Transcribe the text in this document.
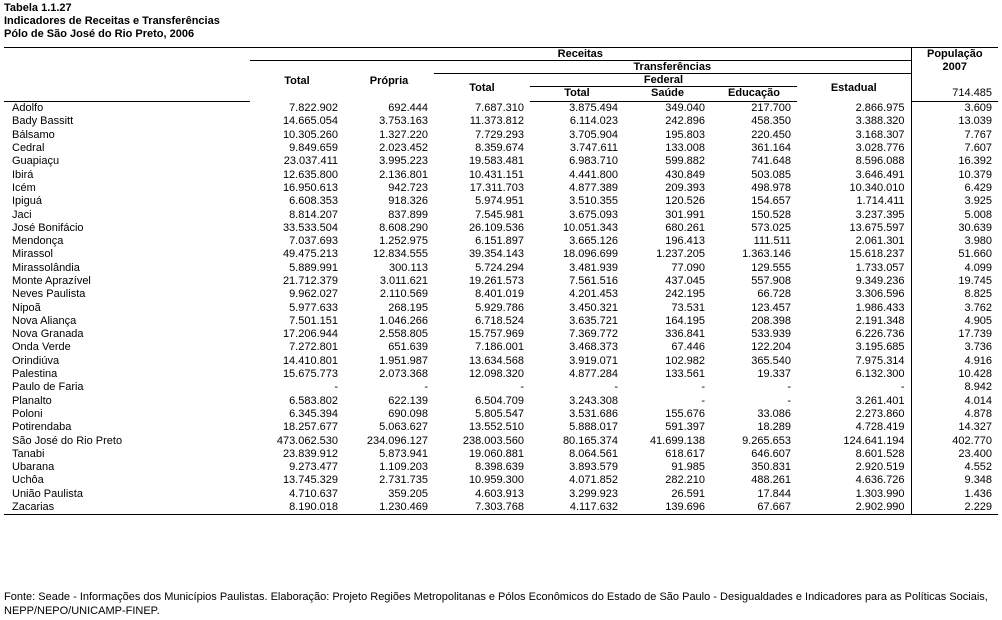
Tabela 1.1.27
Indicadores de Receitas e Transferências
Pólo de São José do Rio Preto, 2006
	Receitas							População
	Total	Própria	Transferências					2007
			Total	Federal			Estadual	
				Total	Saúde	Educação		714.485

Adolfo	7.822.902	692.444	7.687.310	3.875.494	349.040	217.700	2.866.975	3.609
Bady Bassitt	14.665.054	3.753.163	11.373.812	6.114.023	242.896	458.350	3.388.320	13.039
Bálsamo	10.305.260	1.327.220	7.729.293	3.705.904	195.803	220.450	3.168.307	7.767
Cedral	9.849.659	2.023.452	8.359.674	3.747.611	133.008	361.164	3.028.776	7.607
Guapiaçu	23.037.411	3.995.223	19.583.481	6.983.710	599.882	741.648	8.596.088	16.392
Ibirá	12.635.800	2.136.801	10.431.151	4.441.800	430.849	503.085	3.646.491	10.379
Icém	16.950.613	942.723	17.311.703	4.877.389	209.393	498.978	10.340.010	6.429
Ipiguá	6.608.353	918.326	5.974.951	3.510.355	120.526	154.657	1.714.411	3.925
Jaci	8.814.207	837.899	7.545.981	3.675.093	301.991	150.528	3.237.395	5.008
José Bonifácio	33.533.504	8.608.290	26.109.536	10.051.343	680.261	573.025	13.675.597	30.639
Mendonça	7.037.693	1.252.975	6.151.897	3.665.126	196.413	111.511	2.061.301	3.980
Mirassol	49.475.213	12.834.555	39.354.143	18.096.699	1.237.205	1.363.146	15.618.237	51.660
Mirassolândia	5.889.991	300.113	5.724.294	3.481.939	77.090	129.555	1.733.057	4.099
Monte Aprazível	21.712.379	3.011.621	19.261.573	7.561.516	437.045	557.908	9.349.236	19.745
Neves Paulista	9.962.027	2.110.569	8.401.019	4.201.453	242.195	66.728	3.306.596	8.825
Nipoã	5.977.633	268.195	5.929.786	3.450.321	73.531	123.457	1.986.433	3.762
Nova Aliança	7.501.151	1.046.266	6.718.524	3.635.721	164.195	208.398	2.191.348	4.905
Nova Granada	17.206.944	2.558.805	15.757.969	7.369.772	336.841	533.939	6.226.736	17.739
Onda Verde	7.272.801	651.639	7.186.001	3.468.373	67.446	122.204	3.195.685	3.736
Orindiúva	14.410.801	1.951.987	13.634.568	3.919.071	102.982	365.540	7.975.314	4.916
Palestina	15.675.773	2.073.368	12.098.320	4.877.284	133.561	19.337	6.132.300	10.428
Paulo de Faria	-	-	-	-	-	-	-	8.942
Planalto	6.583.802	622.139	6.504.709	3.243.308	-	-	3.261.401	4.014
Poloni	6.345.394	690.098	5.805.547	3.531.686	155.676	33.086	2.273.860	4.878
Potirendaba	18.257.677	5.063.627	13.552.510	5.888.017	591.397	18.289	4.728.419	14.327
São José do Rio Preto	473.062.530	234.096.127	238.003.560	80.165.374	41.699.138	9.265.653	124.641.194	402.770
Tanabi	23.839.912	5.873.941	19.060.881	8.064.561	618.617	646.607	8.601.528	23.400
Ubarana	9.273.477	1.109.203	8.398.639	3.893.579	91.985	350.831	2.920.519	4.552
Uchôa	13.745.329	2.731.735	10.959.300	4.071.852	282.210	488.261	4.636.726	9.348
União Paulista	4.710.637	359.205	4.603.913	3.299.923	26.591	17.844	1.303.990	1.436
Zacarias	8.190.018	1.230.469	7.303.768	4.117.632	139.696	67.667	2.902.990	2.229
Fonte: Seade - Informações dos Municípios Paulistas. Elaboração: Projeto Regiões Metropolitanas e Pólos Econômicos do Estado de São Paulo - Desigualdades e Indicadores para as Políticas Sociais, NEPP/NEPO/UNICAMP-FINEP.
